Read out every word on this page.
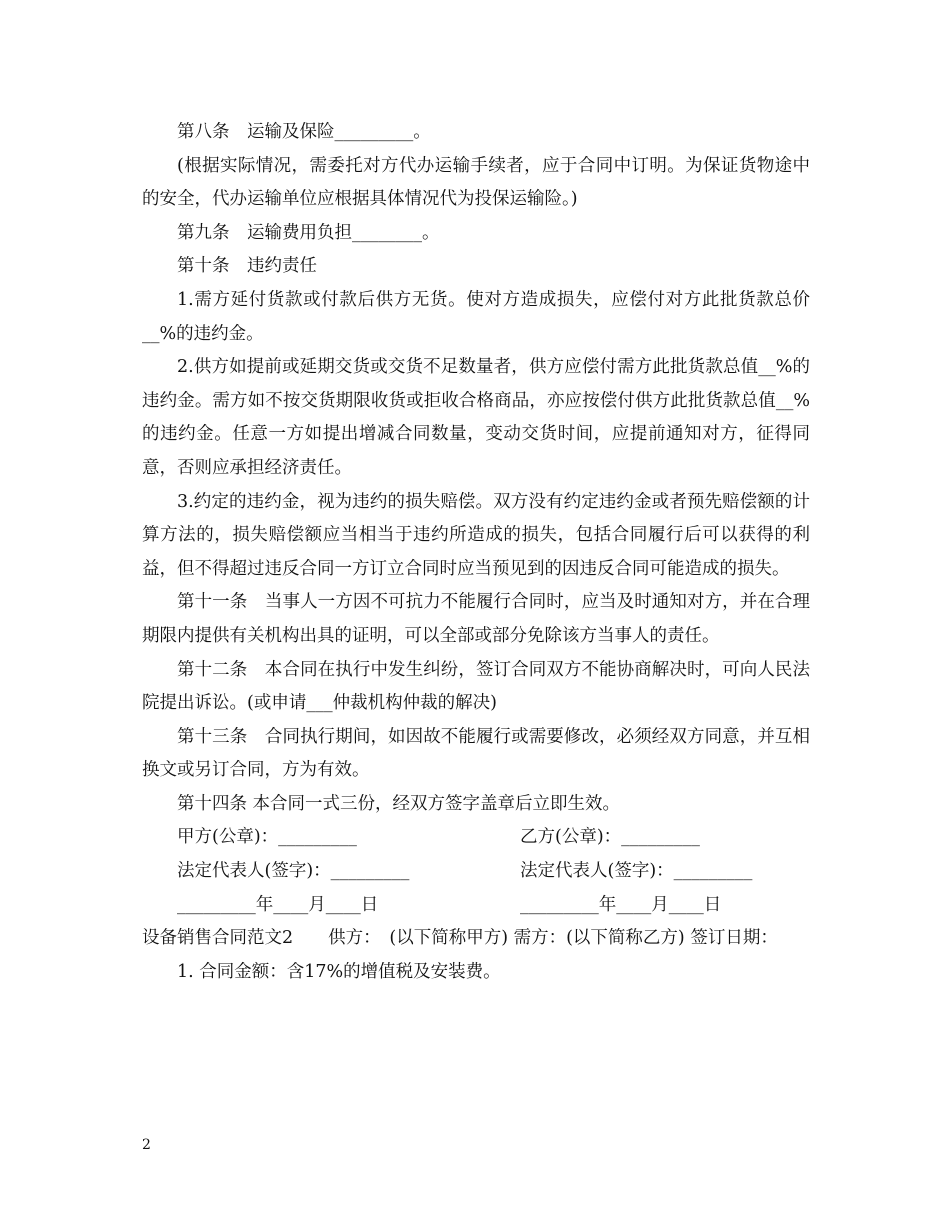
第八条　运输及保险_________。

(根据实际情况，需委托对方代办运输手续者，应于合同中订明。为保证货物途中的安全，代办运输单位应根据具体情况代为投保运输险。)

第九条　运输费用负担________。

第十条　违约责任

1.需方延付货款或付款后供方无货。使对方造成损失，应偿付对方此批货款总价__%的违约金。

2.供方如提前或延期交货或交货不足数量者，供方应偿付需方此批货款总值__%的违约金。需方如不按交货期限收货或拒收合格商品，亦应按偿付供方此批货款总值__%的违约金。任意一方如提出增减合同数量，变动交货时间，应提前通知对方，征得同意，否则应承担经济责任。

3.约定的违约金，视为违约的损失赔偿。双方没有约定违约金或者预先赔偿额的计算方法的，损失赔偿额应当相当于违约所造成的损失，包括合同履行后可以获得的利益，但不得超过违反合同一方订立合同时应当预见到的因违反合同可能造成的损失。

第十一条　当事人一方因不可抗力不能履行合同时，应当及时通知对方，并在合理期限内提供有关机构出具的证明，可以全部或部分免除该方当事人的责任。

第十二条　本合同在执行中发生纠纷，签订合同双方不能协商解决时，可向人民法院提出诉讼。(或申请___仲裁机构仲裁的解决)

第十三条　合同执行期间，如因故不能履行或需要修改，必须经双方同意，并互相换文或另订合同，方为有效。

第十四条 本合同一式三份，经双方签字盖章后立即生效。

甲方(公章)：_________	乙方(公章)：_________
法定代表人(签字)：_________	法定代表人(签字)：_________
_________年____月____日	_________年____月____日

设备销售合同范文2　　供方：　(以下简称甲方) 需方：(以下简称乙方) 签订日期：

1. 合同金额：含17%的增值税及安装费。

2
